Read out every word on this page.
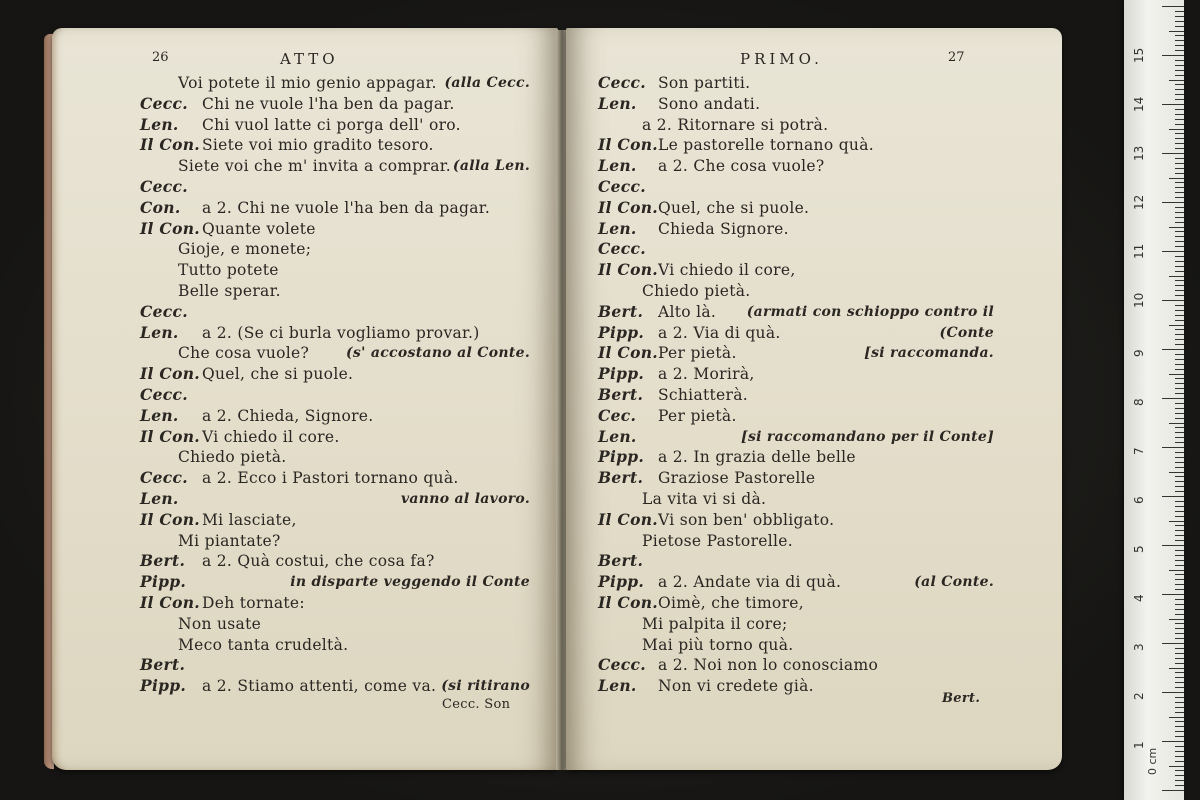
26	ATTO
Voi potete il mio genio appagar. (alla Cecc.
Cecc. Chi ne vuole l'ha ben da pagar.
Len. Chi vuol latte ci porga dell' oro.
Il Con. Siete voi mio gradito tesoro.
Siete voi che m' invita a comprar. (alla Len.
Cecc.
Con. a 2. Chi ne vuole l'ha ben da pagar.
Il Con. Quante volete
Gioje, e monete;
Tutto potete
Belle sperar.
Cecc.
Len. a 2. (Se ci burla vogliamo provar.)
Che cosa vuole?	(s' accostano al Conte.
Il Con. Quel, che si puole.
Cecc.
Len. a 2. Chieda, Signore.
Il Con. Vi chiedo il core.
Chiedo pietà.
Cecc. a 2. Ecco i Pastori tornano quà.
Len.	vanno al lavoro.
Il Con. Mi lasciate,
Mi piantate?
Bert. a 2. Quà costui, che cosa fa?
Pipp.	in disparte veggendo il Conte
Il Con. Deh tornate:
Non usate
Meco tanta crudeltà.
Bert.
Pipp. a 2. Stiamo attenti, come va. (si ritirano
Cecc. Son
PRIMO.	27
Cecc. Son partiti.
Len. Sono andati.
a 2. Ritornare si potrà.
Il Con. Le pastorelle tornano quà.
Len. a 2. Che cosa vuole?
Cecc.
Il Con. Quel, che si puole.
Len. Chieda Signore.
Cecc.
Il Con. Vi chiedo il core,
Chiedo pietà.
Bert. Alto là. (armati con schioppo contro il
Pipp. a 2. Via di quà.	(Conte
Il Con. Per pietà.	[si raccomanda.
Pipp. a 2. Morirà,
Bert. Schiatterà.
Cec. Per pietà.
Len.	[si raccomandano per il Conte]
Pipp. a 2. In grazia delle belle
Bert. Graziose Pastorelle
La vita vi si dà.
Il Con. Vi son ben' obbligato.
Pietose Pastorelle.
Bert.
Pipp. a 2. Andate via di quà.	(al Conte.
Il Con. Oimè, che timore,
Mi palpita il core;
Mai più torno quà.
Cecc. a 2. Noi non lo conosciamo
Len. Non vi credete già.
Bert.
0 cm
1
2
3
4
5
6
7
8
9
10
11
12
13
14
15
